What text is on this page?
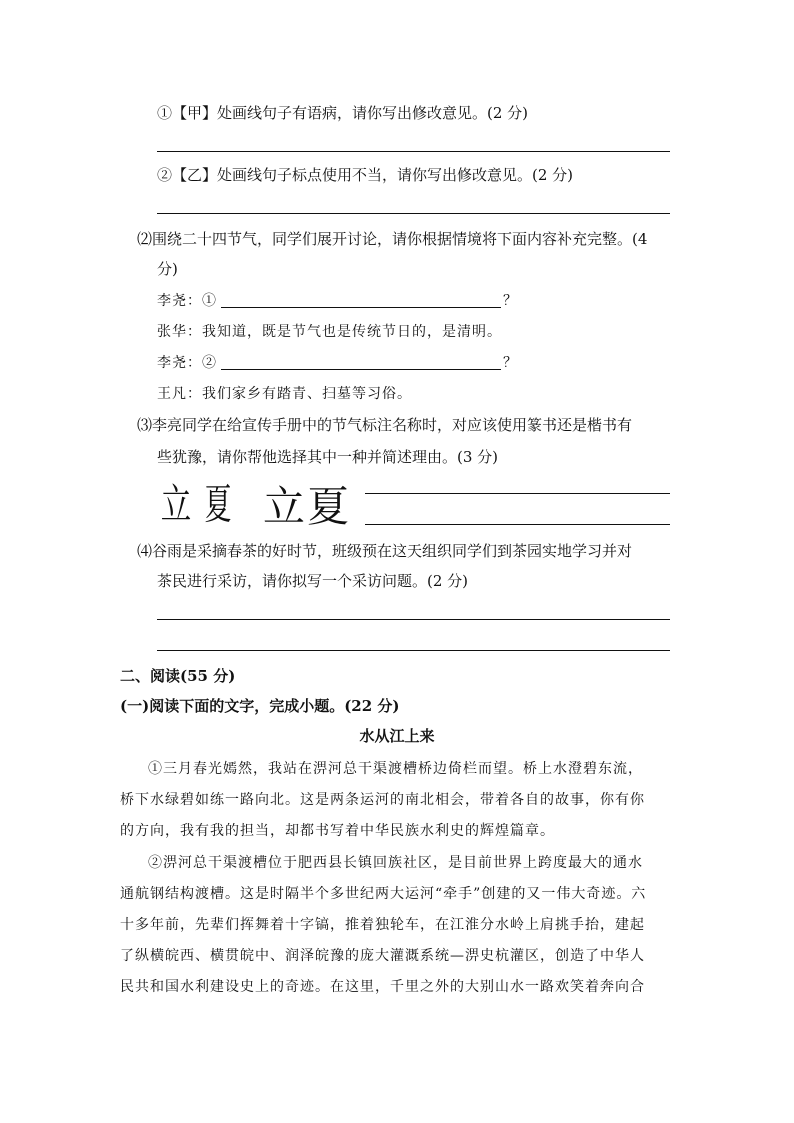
①【甲】处画线句子有语病，请你写出修改意见。(2 分)
②【乙】处画线句子标点使用不当，请你写出修改意见。(2 分)
⑵围绕二十四节气，同学们展开讨论，请你根据情境将下面内容补充完整。(4
分)
李尧：①	？
张华：我知道，既是节气也是传统节日的，是清明。
李尧：②	？
王凡：我们家乡有踏青、扫墓等习俗。
⑶李亮同学在给宣传手册中的节气标注名称时，对应该使用篆书还是楷书有
些犹豫，请你帮他选择其中一种并简述理由。(3 分)
立 夏 立夏
⑷谷雨是采摘春茶的好时节，班级预在这天组织同学们到茶园实地学习并对
茶民进行采访，请你拟写一个采访问题。(2 分)
二、阅读(55 分)
(一)阅读下面的文字，完成小题。(22 分)
水从江上来
①三月春光嫣然，我站在淠河总干渠渡槽桥边倚栏而望。桥上水澄碧东流，
桥下水绿碧如练一路向北。这是两条运河的南北相会，带着各自的故事，你有你
的方向，我有我的担当，却都书写着中华民族水利史的辉煌篇章。
②淠河总干渠渡槽位于肥西县长镇回族社区，是目前世界上跨度最大的通水
通航钢结构渡槽。这是时隔半个多世纪两大运河“牵手”创建的又一伟大奇迹。六
十多年前，先辈们挥舞着十字镐，推着独轮车，在江淮分水岭上肩挑手抬，建起
了纵横皖西、横贯皖中、润泽皖豫的庞大灌溉系统—淠史杭灌区，创造了中华人
民共和国水利建设史上的奇迹。在这里，千里之外的大别山水一路欢笑着奔向合
